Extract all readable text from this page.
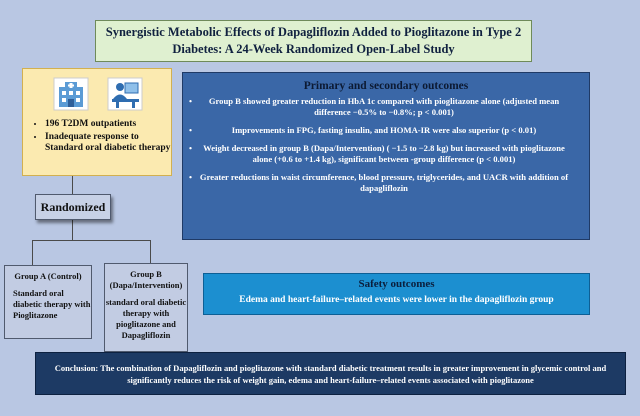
Synergistic Metabolic Effects of Dapagliflozin Added to Pioglitazone in Type 2 Diabetes: A 24-Week Randomized Open-Label Study
• 196 T2DM outpatients
• Inadequate response to Standard oral diabetic therapy
Randomized
Group A (Control)
Standard oral diabetic therapy with Pioglitazone
Group B (Dapa/Intervention)
standard oral diabetic therapy with pioglitazone and Dapagliflozin
Primary and secondary outcomes
• Group B showed greater reduction in HbA 1c compared with pioglitazone alone (adjusted mean difference −0.5% to −0.8%; p < 0.001)
• Improvements in FPG, fasting insulin, and HOMA-IR were also superior (p < 0.01)
• Weight decreased in group B (Dapa/Intervention) ( −1.5 to −2.8 kg) but increased with pioglitazone alone (+0.6 to +1.4 kg), significant between -group difference (p < 0.001)
• Greater reductions in waist circumference, blood pressure, triglycerides, and UACR with addition of dapagliflozin
Safety outcomes
Edema and heart-failure–related events were lower in the dapagliflozin group
Conclusion: The combination of Dapagliflozin and pioglitazone with standard diabetic treatment results in greater improvement in glycemic control and significantly reduces the risk of weight gain, edema and heart-failure–related events associated with pioglitazone
